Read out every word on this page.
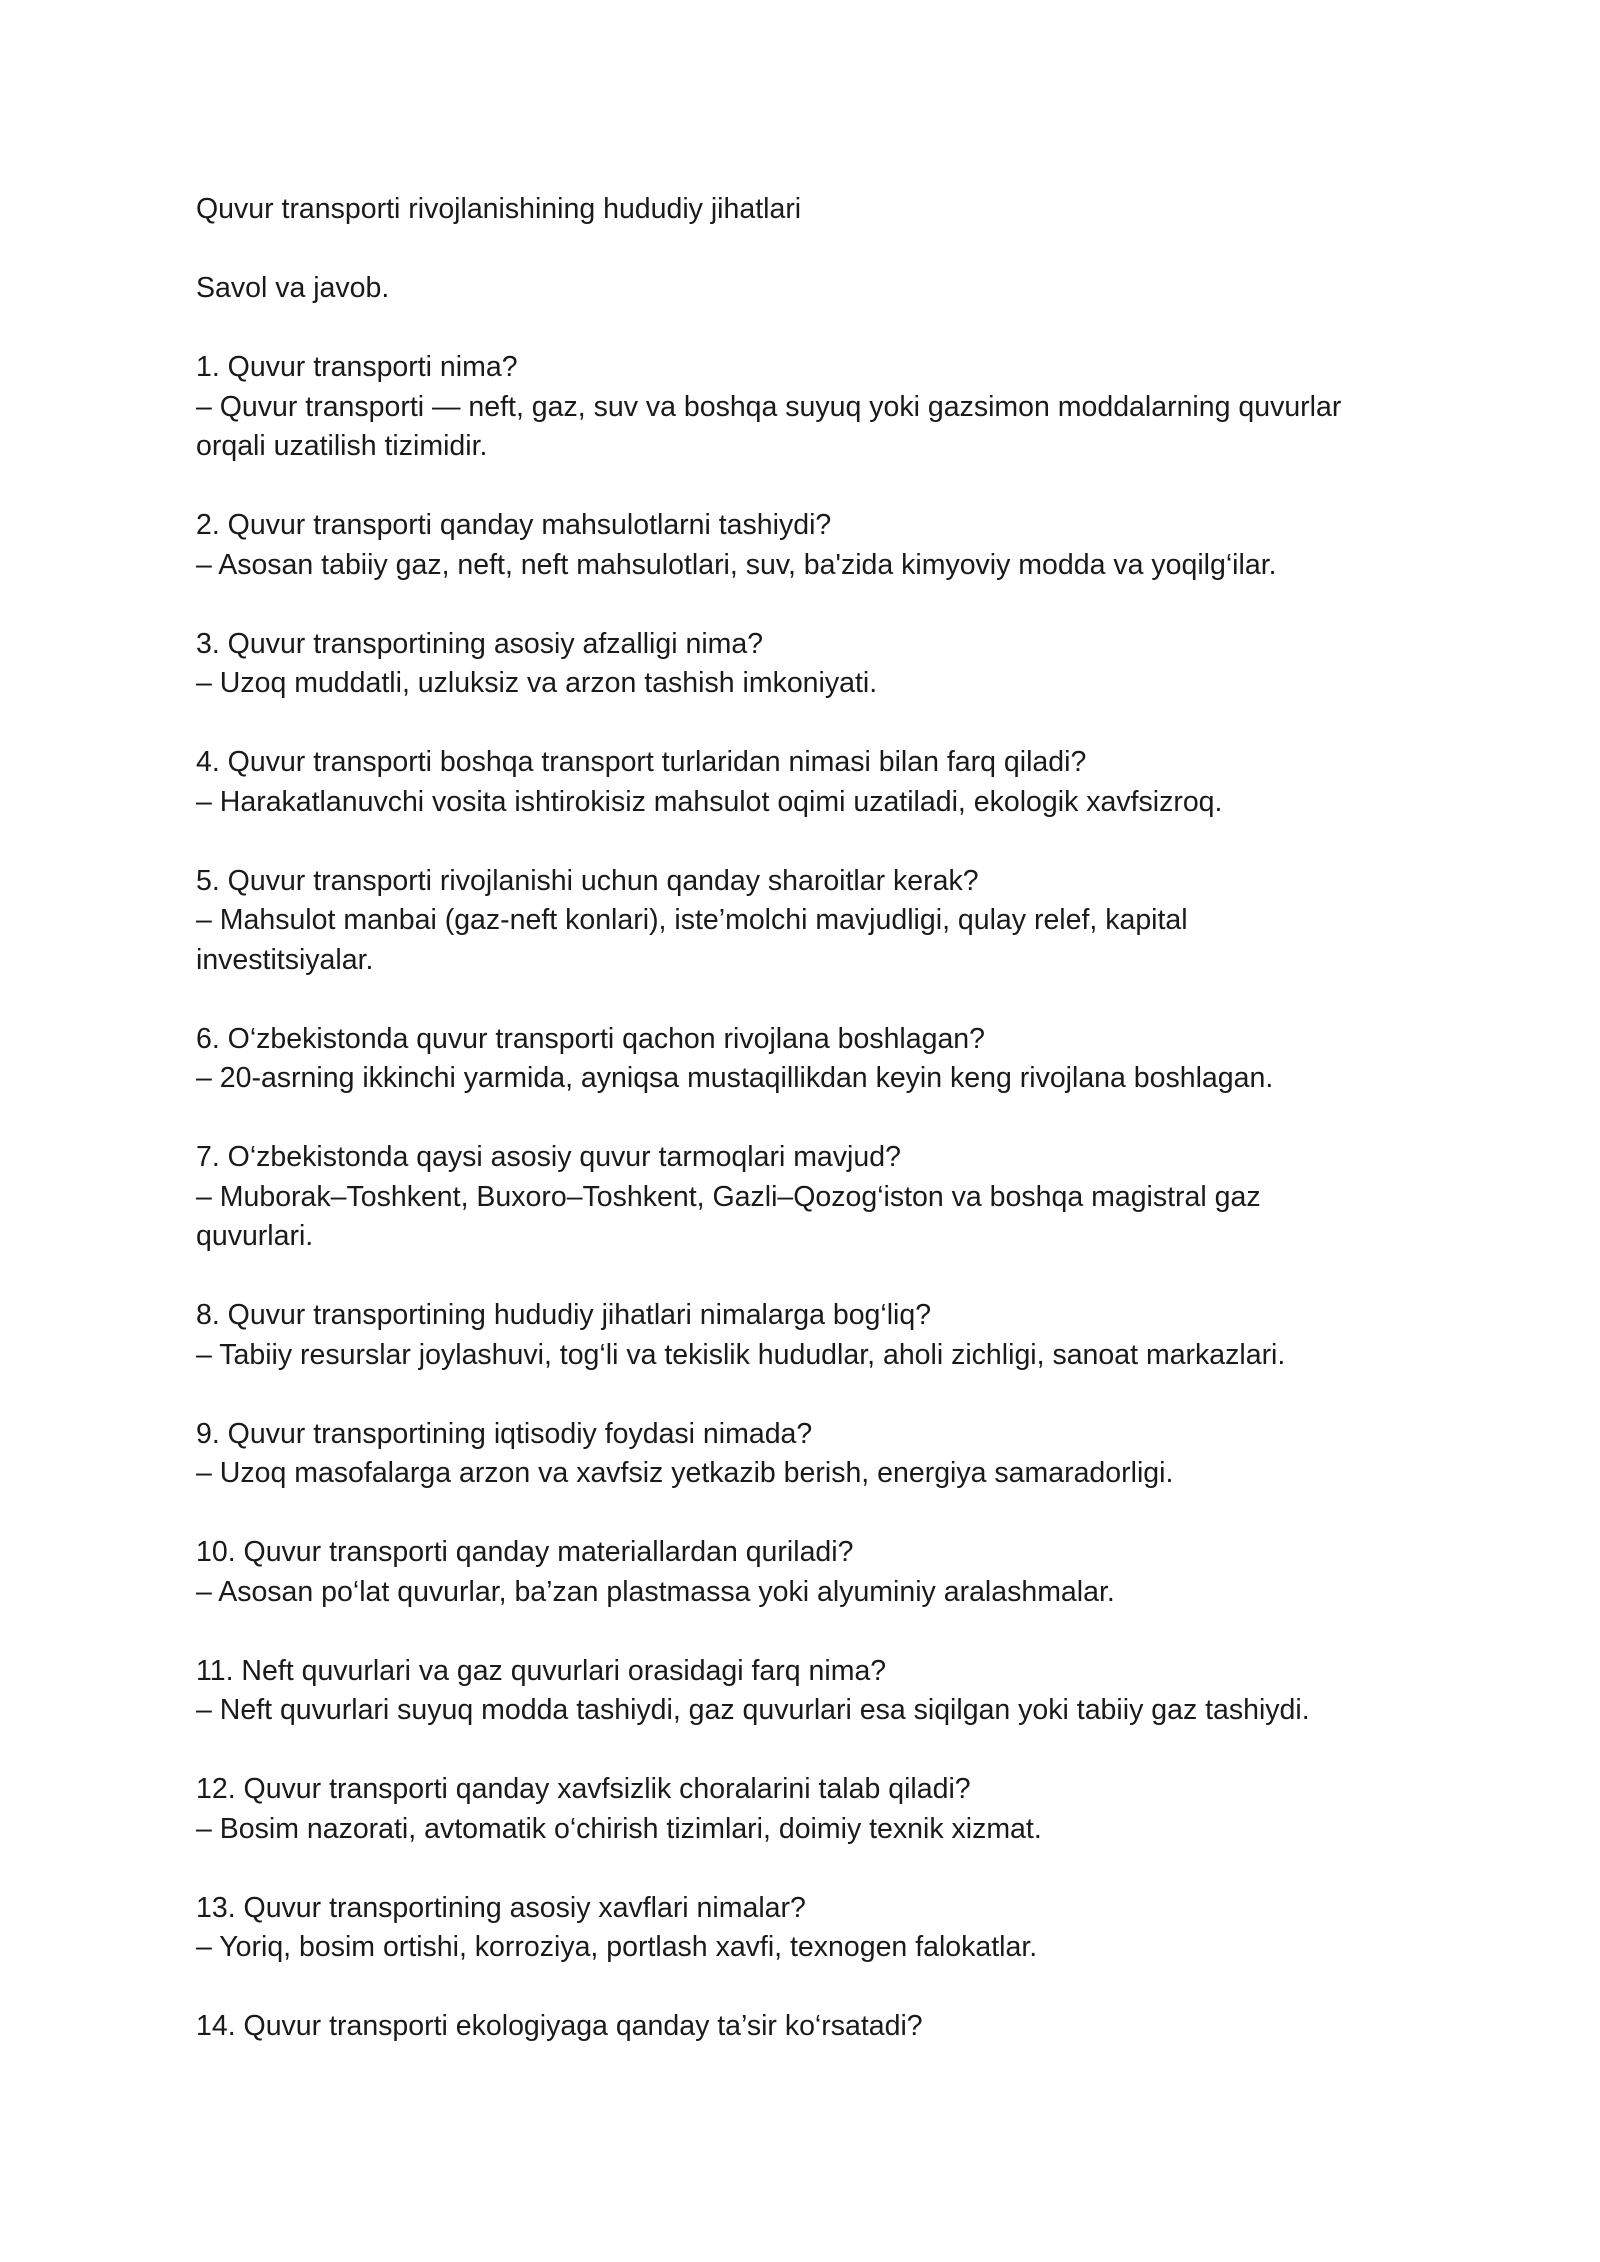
Quvur transporti rivojlanishining hududiy jihatlari
Savol va javob.
1. Quvur transporti nima?
– Quvur transporti — neft, gaz, suv va boshqa suyuq yoki gazsimon moddalarning quvurlar
orqali uzatilish tizimidir.
2. Quvur transporti qanday mahsulotlarni tashiydi?
– Asosan tabiiy gaz, neft, neft mahsulotlari, suv, ba'zida kimyoviy modda va yoqilg‘ilar.
3. Quvur transportining asosiy afzalligi nima?
– Uzoq muddatli, uzluksiz va arzon tashish imkoniyati.
4. Quvur transporti boshqa transport turlaridan nimasi bilan farq qiladi?
– Harakatlanuvchi vosita ishtirokisiz mahsulot oqimi uzatiladi, ekologik xavfsizroq.
5. Quvur transporti rivojlanishi uchun qanday sharoitlar kerak?
– Mahsulot manbai (gaz-neft konlari), iste’molchi mavjudligi, qulay relef, kapital
investitsiyalar.
6. O‘zbekistonda quvur transporti qachon rivojlana boshlagan?
– 20-asrning ikkinchi yarmida, ayniqsa mustaqillikdan keyin keng rivojlana boshlagan.
7. O‘zbekistonda qaysi asosiy quvur tarmoqlari mavjud?
– Muborak–Toshkent, Buxoro–Toshkent, Gazli–Qozog‘iston va boshqa magistral gaz
quvurlari.
8. Quvur transportining hududiy jihatlari nimalarga bog‘liq?
– Tabiiy resurslar joylashuvi, tog‘li va tekislik hududlar, aholi zichligi, sanoat markazlari.
9. Quvur transportining iqtisodiy foydasi nimada?
– Uzoq masofalarga arzon va xavfsiz yetkazib berish, energiya samaradorligi.
10. Quvur transporti qanday materiallardan quriladi?
– Asosan po‘lat quvurlar, ba’zan plastmassa yoki alyuminiy aralashmalar.
11. Neft quvurlari va gaz quvurlari orasidagi farq nima?
– Neft quvurlari suyuq modda tashiydi, gaz quvurlari esa siqilgan yoki tabiiy gaz tashiydi.
12. Quvur transporti qanday xavfsizlik choralarini talab qiladi?
– Bosim nazorati, avtomatik o‘chirish tizimlari, doimiy texnik xizmat.
13. Quvur transportining asosiy xavflari nimalar?
– Yoriq, bosim ortishi, korroziya, portlash xavfi, texnogen falokatlar.
14. Quvur transporti ekologiyaga qanday ta’sir ko‘rsatadi?
